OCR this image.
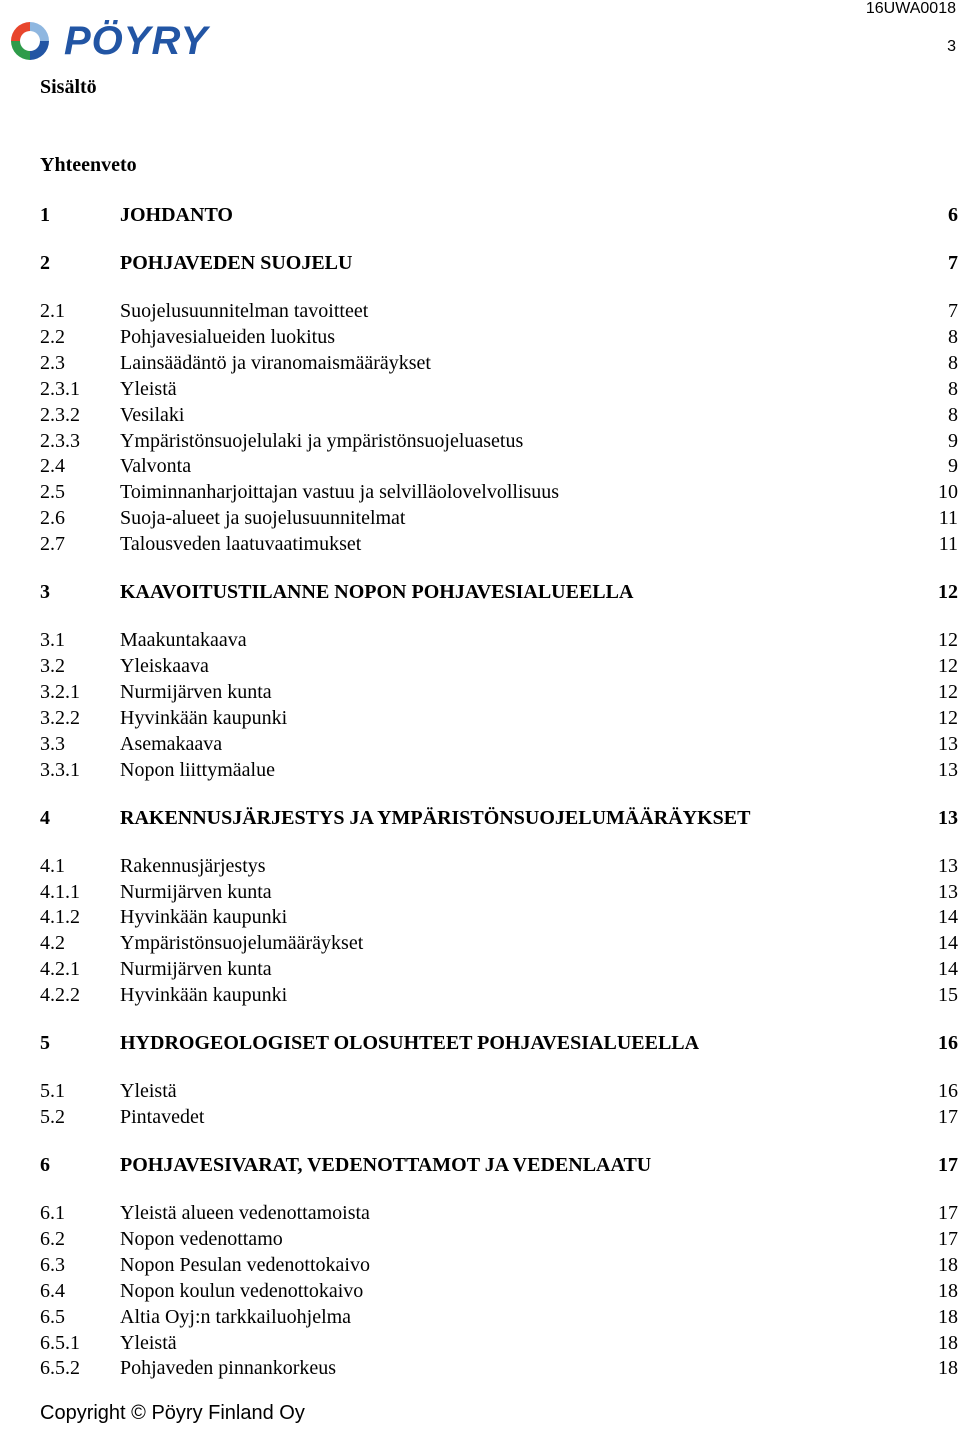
16UWA0018
3
PÖYRY
Sisältö
Yhteenveto
1	JOHDANTO	6
2	POHJAVEDEN SUOJELU	7
2.1	Suojelusuunnitelman tavoitteet	7
2.2	Pohjavesialueiden luokitus	8
2.3	Lainsäädäntö ja viranomaismääräykset	8
2.3.1	Yleistä	8
2.3.2	Vesilaki	8
2.3.3	Ympäristönsuojelulaki ja ympäristönsuojeluasetus	9
2.4	Valvonta	9
2.5	Toiminnanharjoittajan vastuu ja selvilläolovelvollisuus	10
2.6	Suoja-alueet ja suojelusuunnitelmat	11
2.7	Talousveden laatuvaatimukset	11
3	KAAVOITUSTILANNE NOPON POHJAVESIALUEELLA	12
3.1	Maakuntakaava	12
3.2	Yleiskaava	12
3.2.1	Nurmijärven kunta	12
3.2.2	Hyvinkään kaupunki	12
3.3	Asemakaava	13
3.3.1	Nopon liittymäalue	13
4	RAKENNUSJÄRJESTYS JA YMPÄRISTÖNSUOJELUMÄÄRÄYKSET	13
4.1	Rakennusjärjestys	13
4.1.1	Nurmijärven kunta	13
4.1.2	Hyvinkään kaupunki	14
4.2	Ympäristönsuojelumääräykset	14
4.2.1	Nurmijärven kunta	14
4.2.2	Hyvinkään kaupunki	15
5	HYDROGEOLOGISET OLOSUHTEET POHJAVESIALUEELLA	16
5.1	Yleistä	16
5.2	Pintavedet	17
6	POHJAVESIVARAT, VEDENOTTAMOT JA VEDENLAATU	17
6.1	Yleistä alueen vedenottamoista	17
6.2	Nopon vedenottamo	17
6.3	Nopon Pesulan vedenottokaivo	18
6.4	Nopon koulun vedenottokaivo	18
6.5	Altia Oyj:n tarkkailuohjelma	18
6.5.1	Yleistä	18
6.5.2	Pohjaveden pinnankorkeus	18
Copyright © Pöyry Finland Oy
